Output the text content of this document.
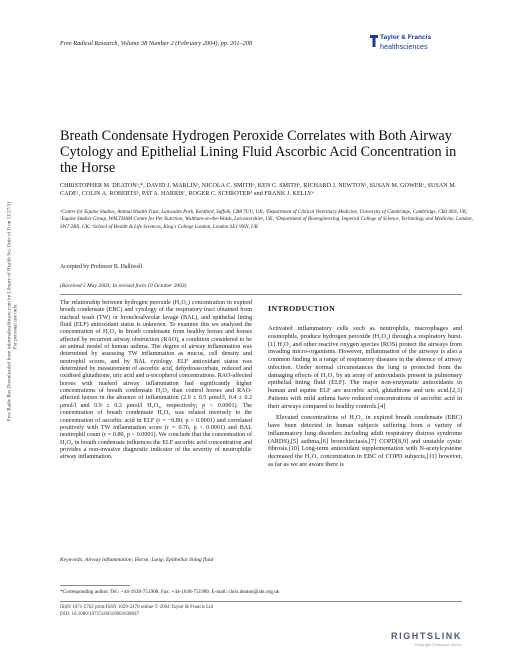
Free Radic Res Downloaded from informahealthcare.com by Library of Health Sci-Univ of Il on 11/27/11 For personal use only.
Free Radical Research, Volume 38 Number 2 (February 2004), pp. 201–208
Taylor & Francis
healthsciences
Breath Condensate Hydrogen Peroxide Correlates with Both Airway Cytology and Epithelial Lining Fluid Ascorbic Acid Concentration in the Horse
CHRISTOPHER M. DEATONᵃ,*, DAVID J. MARLINᵃ, NICOLA C. SMITHᵃ, KEN C. SMITHᵃ, RICHARD J. NEWTONᵃ, SUSAN M. GOWERᵃ, SUSAN M. CADEᵃ, COLIN A. ROBERTSᵇ, PAT A. HARRISᶜ, ROGER C. SCHROTERᵈ and FRANK J. KELLYᵉ
ᵃCentre for Equine Studies, Animal Health Trust, Lanwades Park, Kentford, Suffolk, CB8 7UU, UK; ᵇDepartment of Clinical Veterinary Medicine, University of Cambridge, Cambridge, CB3 0ES, UK; ᶜEquine Studies Group, WALTHAM Centre for Pet Nutrition, Waltham-on-the-Wolds, Leicestershire, UK; ᵈDepartment of Bioengineering, Imperial College of Science, Technology and Medicine, London, SW7 2BX, UK; ᵉSchool of Health & Life Sciences, King's College London, London SE1 9NN, UK
Accepted by Professor B. Halliwell
(Received 5 May 2003; In revised form 10 October 2003)
The relationship between hydrogen peroxide (H₂O₂) concentration in expired breath condensate (EBC) and cytology of the respiratory tract obtained from tracheal wash (TW) or bronchoalveolar lavage (BAL), and epithelial lining fluid (ELF) antioxidant status is unknown. To examine this we analysed the concentration of H₂O₂ in breath condensate from healthy horses and horses affected by recurrent airway obstruction (RAO), a condition considered to be an animal model of human asthma. The degree of airway inflammation was determined by assessing TW inflammation as mucus, cell density and neutrophil scores, and by BAL cytology. ELF antioxidant status was determined by measurement of ascorbic acid, dehydroascorbate, reduced and oxidised glutathione, uric acid and α-tocopherol concentrations. RAO-affected horses with marked airway inflammation had significantly higher concentrations of breath condensate H₂O₂ than control horses and RAO-affected horses in the absence of inflammation (2.0 ± 0.5 μmol/l, 0.4 ± 0.2 μmol/l and 0.9 ± 0.2 μmol/l H₂O₂, respectively; p < 0.0001). The concentration of breath condensate H₂O₂ was related inversely to the concentration of ascorbic acid in ELF (r = −0.80; p < 0.0001) and correlated positively with TW inflammation score (r = 0.76, p < 0.0001) and BAL neutrophil count (r = 0.80, p < 0.0001). We conclude that the concentration of H₂O₂ in breath condensate influences the ELF ascorbic acid concentration and provides a non-invasive diagnostic indicator of the severity of neutrophilic airway inflammation.
Keywords: Airway inflammation; Horse; Lung; Epithelial lining fluid
INTRODUCTION

Activated inflammatory cells such as neutrophils, macrophages and eosinophils, produce hydrogen peroxide (H₂O₂) through a respiratory burst.[1] H₂O₂ and other reactive oxygen species (ROS) protect the airways from invading micro-organisms. However, inflammation of the airways is also a common finding in a range of respiratory diseases in the absence of airway infection. Under normal circumstances the lung is protected from the damaging effects of H₂O₂ by an array of antioxidants present in pulmonary epithelial lining fluid (ELF). The major non-enzymatic antioxidants in human and equine ELF are ascorbic acid, glutathione and uric acid.[2,3] Patients with mild asthma have reduced concentrations of ascorbic acid in their airways compared to healthy controls.[4]

Elevated concentrations of H₂O₂ in expired breath condensate (EBC) have been detected in human subjects suffering from a variety of inflammatory lung disorders including adult respiratory distress syndrome (ARDS),[5] asthma,[6] bronchiectasis,[7] COPD[8,9] and unstable cystic fibrosis.[10] Long-term antioxidant supplementation with N-acetylcysteine decreased the H₂O₂ concentration in EBC of COPD subjects,[11] however, as far as we are aware there is

*Corresponding author. Tel.: +44-1638-751908. Fax: +44-1638-751909. E-mail: chris.deaton@aht.org.uk
ISSN 1071-5762 print/ISSN 1029-2470 online © 2004 Taylor & Francis Ltd
DOI: 10.1080/10715160310001638047
RIGHTSLINK
Copyright Clearance Center
